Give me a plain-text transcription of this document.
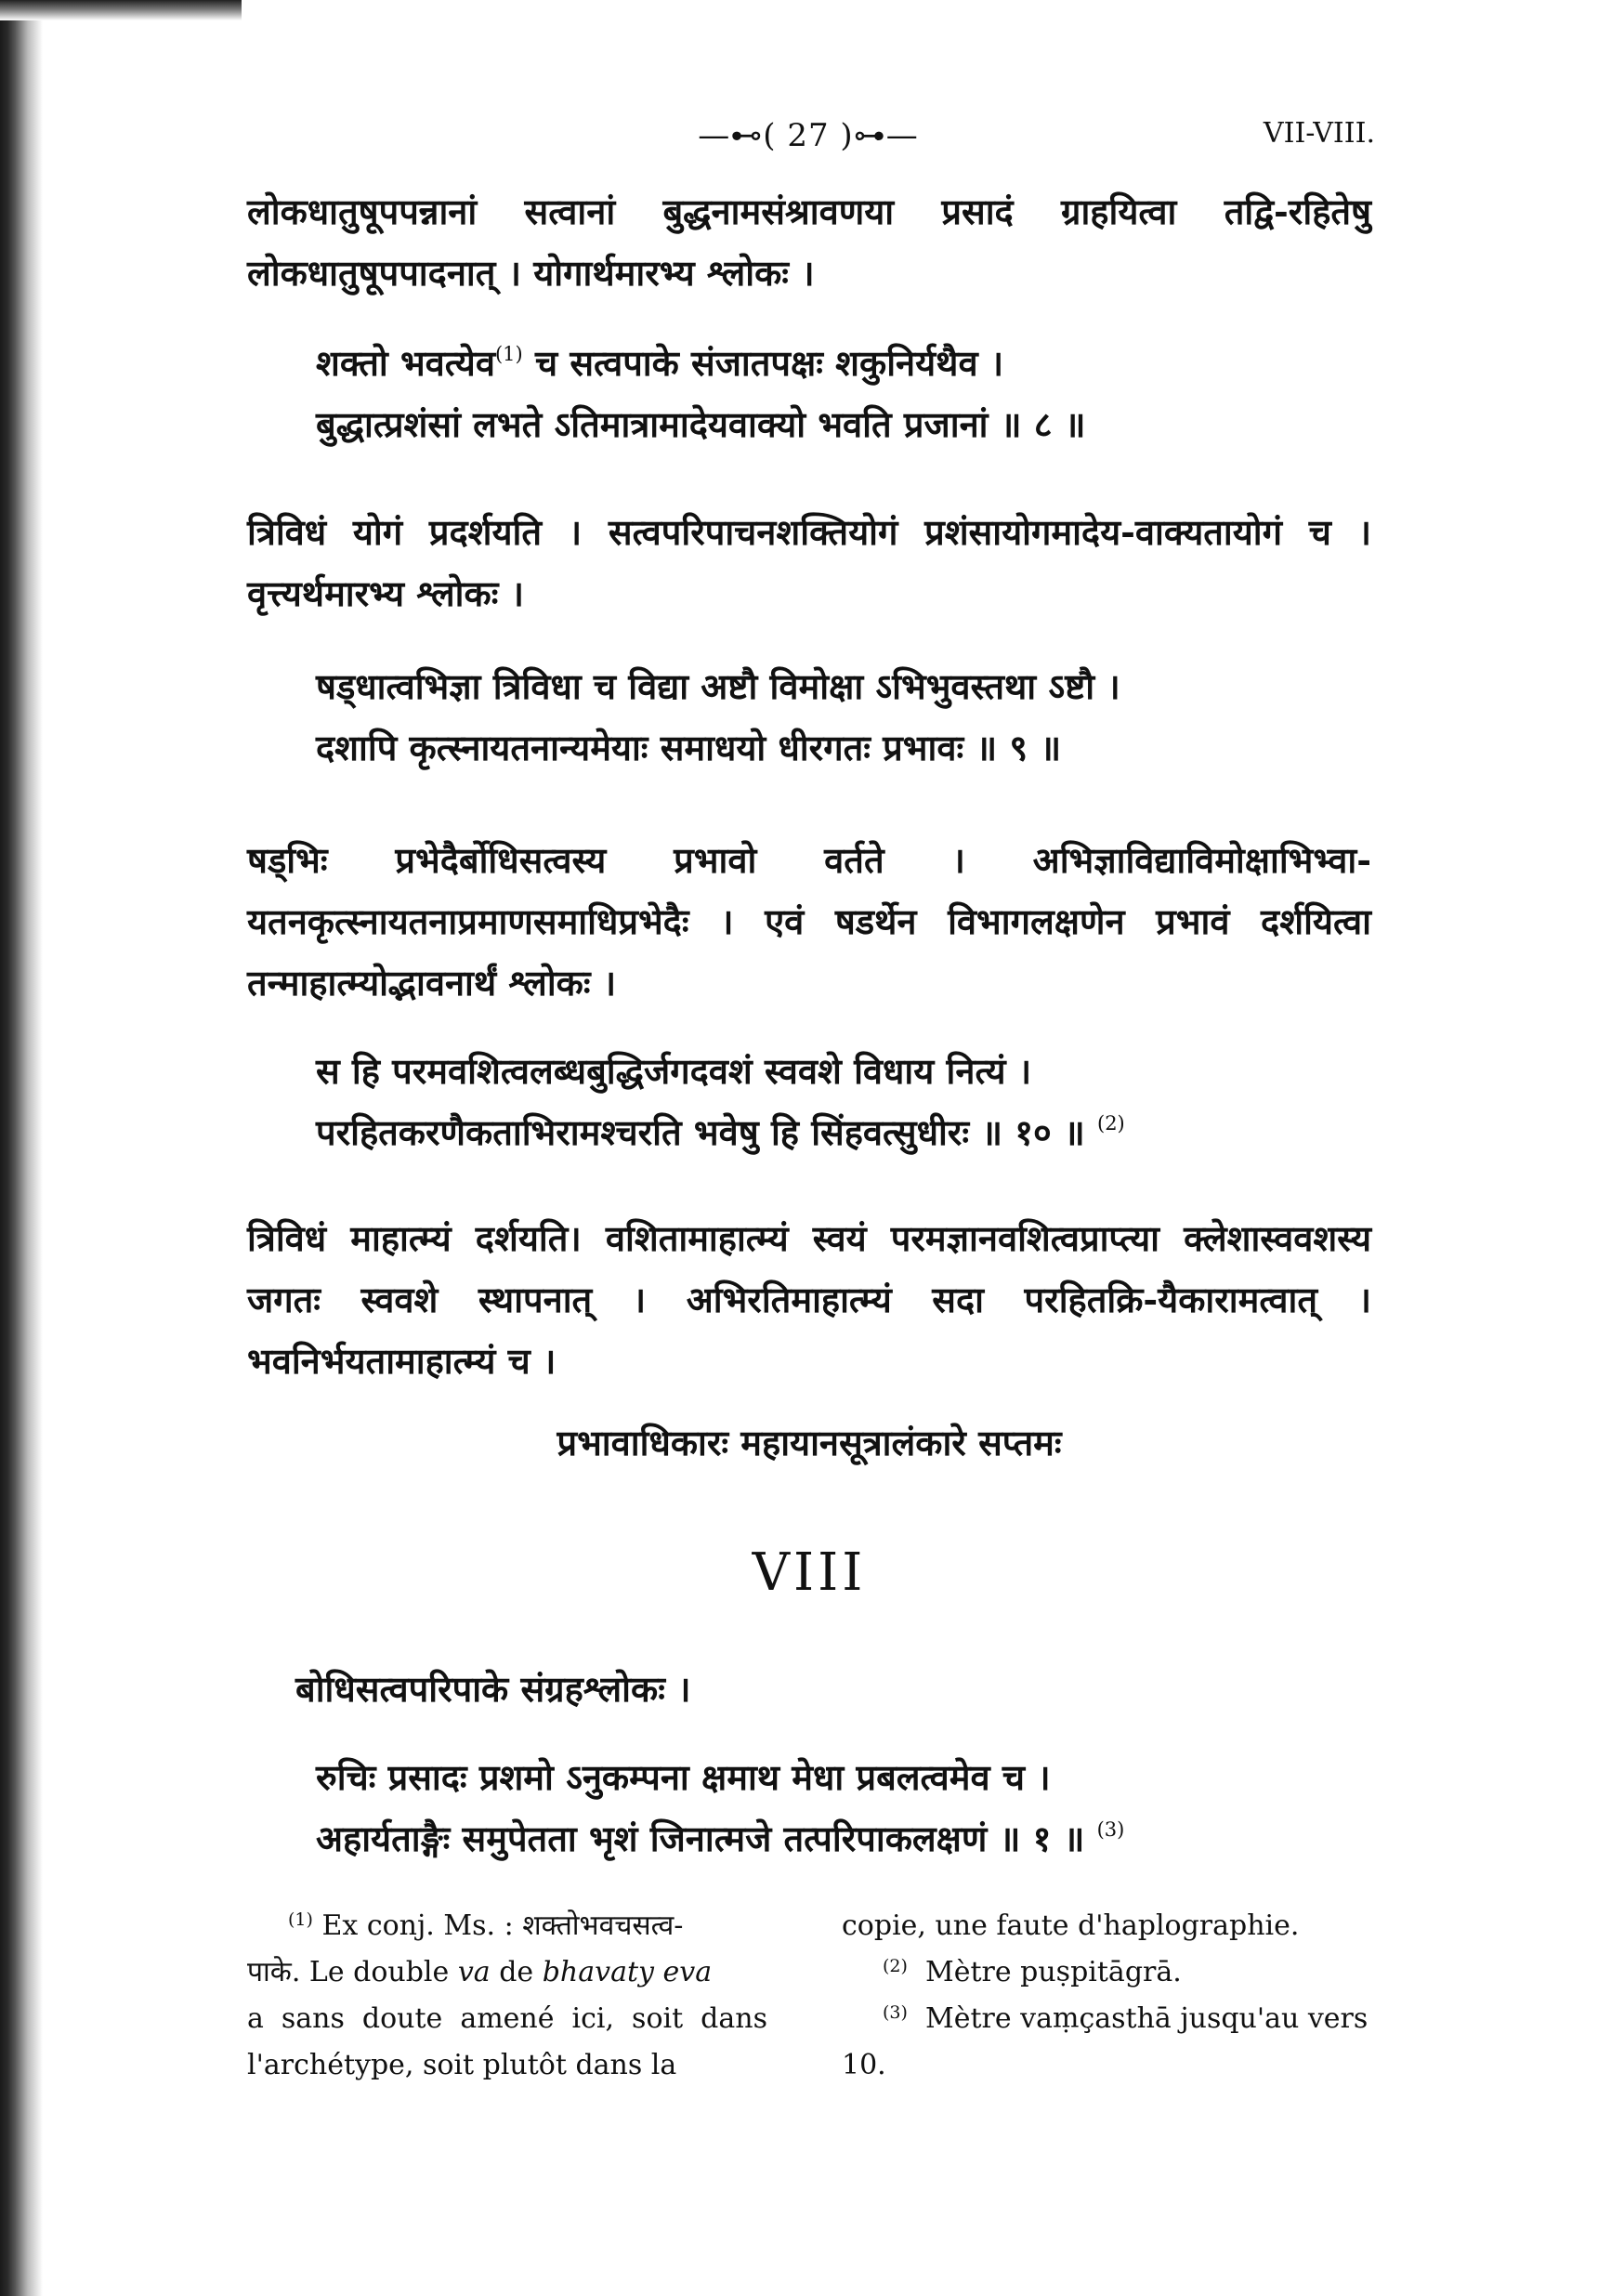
—⊷( 27 )⊶—	VII-VIII.
लोकधातुषूपपन्नानां सत्वानां बुद्धनामसंश्रावणया प्रसादं ग्राहयित्वा तद्वि-रहितेषु लोकधातुषूपपादनात् । योगार्थमारभ्य श्लोकः ।
शक्तो भवत्येव$^{(1)}$ च सत्वपाके संजातपक्षः शकुनिर्यथैव ।
बुद्धात्प्रशंसां लभते ऽतिमात्रामादेयवाक्यो भवति प्रजानां ॥ ८ ॥
त्रिविधं योगं प्रदर्शयति । सत्वपरिपाचनशक्तियोगं प्रशंसायोगमादेय-वाक्यतायोगं च । वृत्त्यर्थमारभ्य श्लोकः ।
षड्धात्वभिज्ञा त्रिविधा च विद्या अष्टौ विमोक्षा ऽभिभुवस्तथा ऽष्टौ ।
दशापि कृत्स्नायतनान्यमेयाः समाधयो धीरगतः प्रभावः ॥ ९ ॥
षड्भिः प्रभेदैर्बोधिसत्वस्य प्रभावो वर्तते । अभिज्ञाविद्याविमोक्षाभिभ्वा-यतनकृत्स्नायतनाप्रमाणसमाधिप्रभेदैः । एवं षडर्थेन विभागलक्षणेन प्रभावं दर्शयित्वा तन्माहात्म्योद्भावनार्थं श्लोकः ।
स हि परमवशित्वलब्धबुद्धिर्जगदवशं स्ववशे विधाय नित्यं ।
परहितकरणैकताभिरामश्चरति भवेषु हि सिंहवत्सुधीरः ॥ १० ॥ $^{(2)}$
त्रिविधं माहात्म्यं दर्शयति। वशितामाहात्म्यं स्वयं परमज्ञानवशित्वप्राप्त्या क्लेशास्ववशस्य जगतः स्ववशे स्थापनात् । अभिरतिमाहात्म्यं सदा परहितक्रि-यैकारामत्वात् । भवनिर्भयतामाहात्म्यं च ।
प्रभावाधिकारः महायानसूत्रालंकारे सप्तमः
VIII
बोधिसत्वपरिपाके संग्रहश्लोकः ।
रुचिः प्रसादः प्रशमो ऽनुकम्पना क्षमाथ मेधा प्रबलत्वमेव च ।
अहार्यताङ्गैः समुपेतता भृशं जिनात्मजे तत्परिपाकलक्षणं ॥ १ ॥ $^{(3)}$

$^{(1)}$ Ex conj. Ms. : शक्तोभवचसत्व-

पाके. Le double va de bhavaty eva

a sans doute amené ici, soit dans l'archétype, soit plutôt dans la

copie, une faute d'haplographie.

$^{(2)}$ Mètre puṣpitāgrā.

$^{(3)}$ Mètre vaṃçasthā jusqu'au vers

10.
